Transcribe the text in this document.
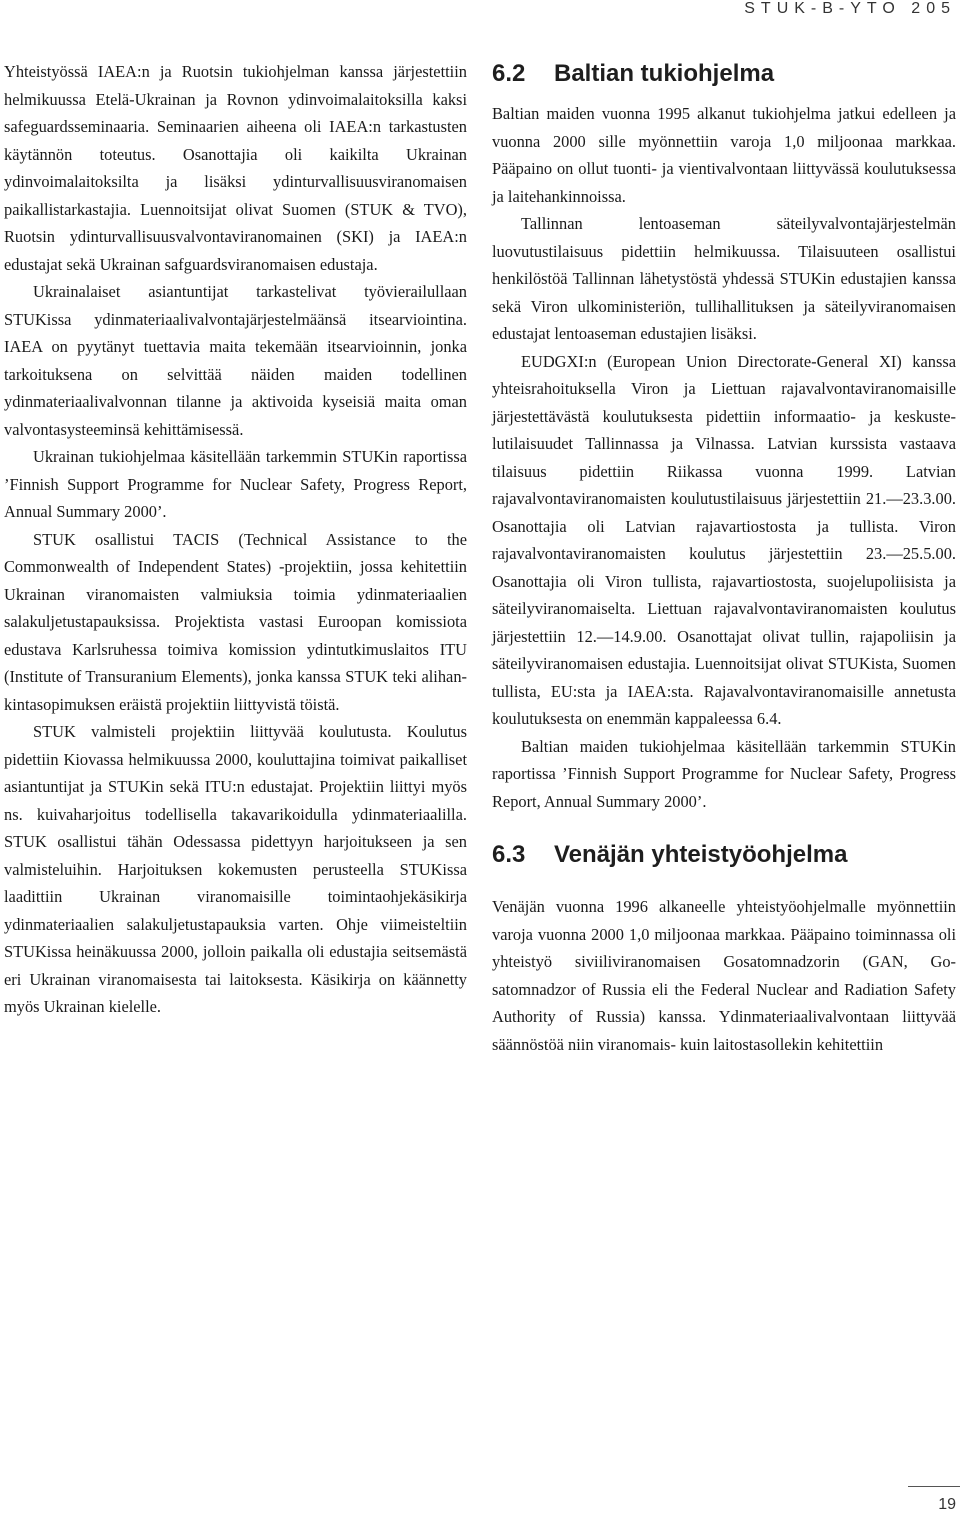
STUK-B-YTO 205

Yhteistyössä IAEA:n ja Ruotsin tukiohjelman kanssa järjestettiin helmikuussa Etelä-Ukrainan ja Rovnon ydinvoimalaitoksilla kaksi safeguardsseminaaria. Seminaarien aiheena oli IAEA:n tarkastusten käytännön toteutus. Osanottajia oli kaikilta Ukrainan ydinvoimalaitoksilta ja lisäksi ydinturvallisuusviranomaisen paikallistarkastajia. Luennoitsijat olivat Suomen (STUK & TVO), Ruotsin ydinturvallisuusvalvontaviranomainen (SKI) ja IAEA:n edustajat sekä Ukrainan safguardsviranomaisen edustaja.

Ukrainalaiset asiantuntijat tarkastelivat työvierailullaan STUKissa ydinmateriaalivalvontajärjestelmäänsä itsearviointina. IAEA on pyytänyt tuettavia maita tekemään itsearvioinnin, jonka tarkoituksena on selvittää näiden maiden todellinen ydinmateriaalivalvonnan tilanne ja aktivoida kyseisiä maita oman valvontasysteeminsä kehittämisessä.

Ukrainan tukiohjelmaa käsitellään tarkemmin STUKin raportissa ’Finnish Support Programme for Nuclear Safety, Progress Report, Annual Summary 2000’.

STUK osallistui TACIS (Technical Assistance to the Commonwealth of Independent States) -projektiin, jossa kehitettiin Ukrainan viranomaisten valmiuksia toimia ydinmateriaalien salakuljetustapauksissa. Projektista vastasi Euroopan komissiota edustava Karlsruhessa toimiva komission ydintutkimuslaitos ITU (Institute of Transuranium Elements), jonka kanssa STUK teki alihankintasopimuksen eräistä projektiin liittyvistä töistä.

STUK valmisteli projektiin liittyvää koulutusta. Koulutus pidettiin Kiovassa helmikuussa 2000, kouluttajina toimivat paikalliset asiantuntijat ja STUKin sekä ITU:n edustajat. Projektiin liittyi myös ns. kuivaharjoitus todellisella takavarikoidulla ydinmateriaalilla. STUK osallistui tähän Odessassa pidettyyn harjoitukseen ja sen valmisteluihin. Harjoituksen kokemusten perusteella STUKissa laadittiin Ukrainan viranomaisille toimintaohjekäsikirja ydinmateriaalien salakuljetustapauksia varten. Ohje viimeisteltiin STUKissa heinäkuussa 2000, jolloin paikalla oli edustajia seitsemästä eri Ukrainan viranomaisesta tai laitoksesta. Käsikirja on käännetty myös Ukrainan kielelle.

6.2 Baltian tukiohjelma

Baltian maiden vuonna 1995 alkanut tukiohjelma jatkui edelleen ja vuonna 2000 sille myönnettiin varoja 1,0 miljoonaa markkaa. Pääpaino on ollut tuonti- ja vientivalvontaan liittyvässä koulutuksessa ja laitehankinnoissa.

Tallinnan lentoaseman säteilyvalvontajärjestelmän luovutustilaisuus pidettiin helmikuussa. Tilaisuuteen osallistui henkilöstöä Tallinnan lähetystöstä yhdessä STUKin edustajien kanssa sekä Viron ulkoministeriön, tullihallituksen ja säteilyviranomaisen edustajat lentoaseman edustajien lisäksi.

EUDGXI:n (European Union Directorate-General XI) kanssa yhteisrahoituksella Viron ja Liettuan rajavalvontaviranomaisille järjestettävästä koulutuksesta pidettiin informaatio- ja keskustelutilaisuudet Tallinnassa ja Vilnassa. Latvian kurssista vastaava tilaisuus pidettiin Riikassa vuonna 1999. Latvian rajavalvontaviranomaisten koulutustilaisuus järjestettiin 21.—23.3.00. Osanottajia oli Latvian rajavartiostosta ja tullista. Viron rajavalvontaviranomaisten koulutus järjestettiin 23.—25.5.00. Osanottajia oli Viron tullista, rajavartiostosta, suojelupoliisista ja säteilyviranomaiselta. Liettuan rajavalvontaviranomaisten koulutus järjestettiin 12.—14.9.00. Osanottajat olivat tullin, rajapoliisin ja säteilyviranomaisen edustajia. Luennoitsijat olivat STUKista, Suomen tullista, EU:sta ja IAEA:sta. Rajavalvontaviranomaisille annetusta koulutuksesta on enemmän kappaleessa 6.4.

Baltian maiden tukiohjelmaa käsitellään tarkemmin STUKin raportissa ’Finnish Support Programme for Nuclear Safety, Progress Report, Annual Summary 2000’.

6.3 Venäjän yhteistyöohjelma

Venäjän vuonna 1996 alkaneelle yhteistyöohjelmalle myönnettiin varoja vuonna 2000 1,0 miljoonaa markkaa. Pääpaino toiminnassa oli yhteistyö siviiliviranomaisen Gosatomnadzorin (GAN, Gosatomnadzor of Russia eli the Federal Nuclear and Radiation Safety Authority of Russia) kanssa. Ydinmateriaalivalvontaan liittyvää säännöstöä niin viranomais- kuin laitostasollekin kehitettiin

19
